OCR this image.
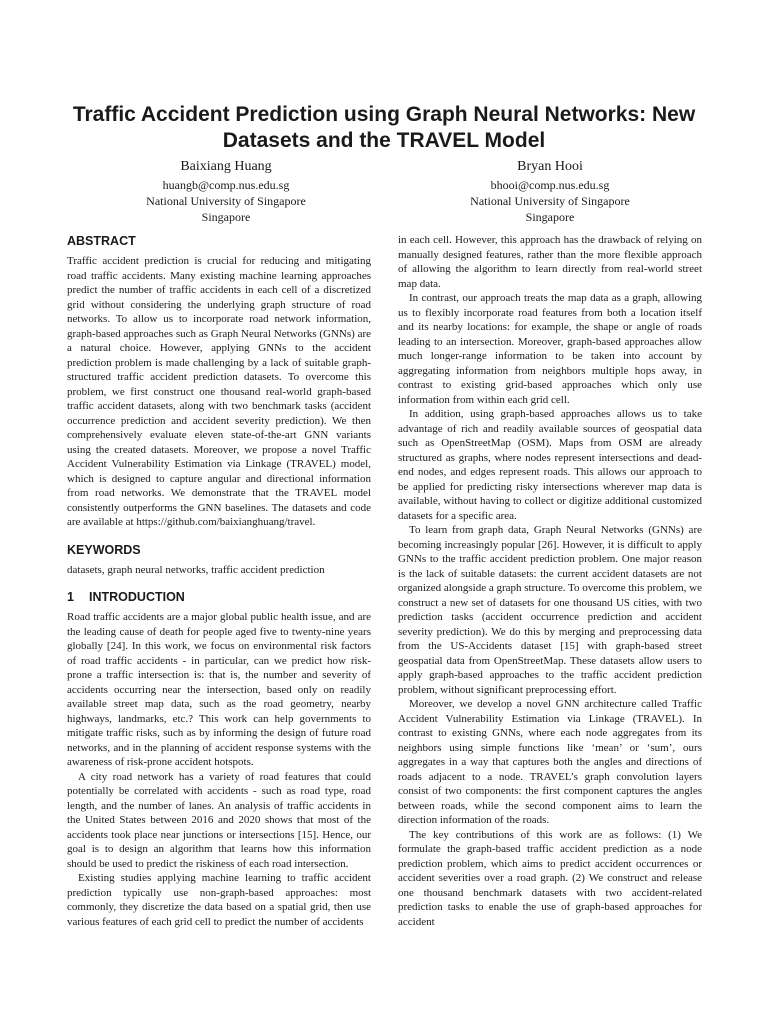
Traffic Accident Prediction using Graph Neural Networks: New
Datasets and the TRAVEL Model
Baixiang Huang
huangb@comp.nus.edu.sg
National University of Singapore
Singapore
Bryan Hooi
bhooi@comp.nus.edu.sg
National University of Singapore
Singapore
ABSTRACT

Traffic accident prediction is crucial for reducing and mitigating road traffic accidents. Many existing machine learning approaches predict the number of traffic accidents in each cell of a discretized grid without considering the underlying graph structure of road networks. To allow us to incorporate road network information, graph-based approaches such as Graph Neural Networks (GNNs) are a natural choice. However, applying GNNs to the accident prediction problem is made challenging by a lack of suitable graph-structured traffic accident prediction datasets. To overcome this problem, we first construct one thousand real-world graph-based traffic accident datasets, along with two benchmark tasks (accident occurrence prediction and accident severity prediction). We then comprehensively evaluate eleven state-of-the-art GNN variants using the created datasets. Moreover, we propose a novel Traffic Accident Vulnerability Estimation via Linkage (TRAVEL) model, which is designed to capture angular and directional information from road networks. We demonstrate that the TRAVEL model consistently outperforms the GNN baselines. The datasets and code are available at https://github.com/baixianghuang/travel.

KEYWORDS

datasets, graph neural networks, traffic accident prediction

1 INTRODUCTION

Road traffic accidents are a major global public health issue, and are the leading cause of death for people aged five to twenty-nine years globally [24]. In this work, we focus on environmental risk factors of road traffic accidents - in particular, can we predict how risk-prone a traffic intersection is: that is, the number and severity of accidents occurring near the intersection, based only on readily available street map data, such as the road geometry, nearby highways, landmarks, etc.? This work can help governments to mitigate traffic risks, such as by informing the design of future road networks, and in the planning of accident response systems with the awareness of risk-prone accident hotspots.

A city road network has a variety of road features that could potentially be correlated with accidents - such as road type, road length, and the number of lanes. An analysis of traffic accidents in the United States between 2016 and 2020 shows that most of the accidents took place near junctions or intersections [15]. Hence, our goal is to design an algorithm that learns how this information should be used to predict the riskiness of each road intersection.

Existing studies applying machine learning to traffic accident prediction typically use non-graph-based approaches: most commonly, they discretize the data based on a spatial grid, then use various features of each grid cell to predict the number of accidents

in each cell. However, this approach has the drawback of relying on manually designed features, rather than the more flexible approach of allowing the algorithm to learn directly from real-world street map data.

In contrast, our approach treats the map data as a graph, allowing us to flexibly incorporate road features from both a location itself and its nearby locations: for example, the shape or angle of roads leading to an intersection. Moreover, graph-based approaches allow much longer-range information to be taken into account by aggregating information from neighbors multiple hops away, in contrast to existing grid-based approaches which only use information from within each grid cell.

In addition, using graph-based approaches allows us to take advantage of rich and readily available sources of geospatial data such as OpenStreetMap (OSM). Maps from OSM are already structured as graphs, where nodes represent intersections and dead-end nodes, and edges represent roads. This allows our approach to be applied for predicting risky intersections wherever map data is available, without having to collect or digitize additional customized datasets for a specific area.

To learn from graph data, Graph Neural Networks (GNNs) are becoming increasingly popular [26]. However, it is difficult to apply GNNs to the traffic accident prediction problem. One major reason is the lack of suitable datasets: the current accident datasets are not organized alongside a graph structure. To overcome this problem, we construct a new set of datasets for one thousand US cities, with two prediction tasks (accident occurrence prediction and accident severity prediction). We do this by merging and preprocessing data from the US-Accidents dataset [15] with graph-based street geospatial data from OpenStreetMap. These datasets allow users to apply graph-based approaches to the traffic accident prediction problem, without significant preprocessing effort.

Moreover, we develop a novel GNN architecture called Traffic Accident Vulnerability Estimation via Linkage (TRAVEL). In contrast to existing GNNs, where each node aggregates from its neighbors using simple functions like ‘mean’ or ‘sum’, ours aggregates in a way that captures both the angles and directions of roads adjacent to a node. TRAVEL’s graph convolution layers consist of two components: the first component captures the angles between roads, while the second component aims to learn the direction information of the roads.

The key contributions of this work are as follows: (1) We formulate the graph-based traffic accident prediction as a node prediction problem, which aims to predict accident occurrences or accident severities over a road graph. (2) We construct and release one thousand benchmark datasets with two accident-related prediction tasks to enable the use of graph-based approaches for accident
